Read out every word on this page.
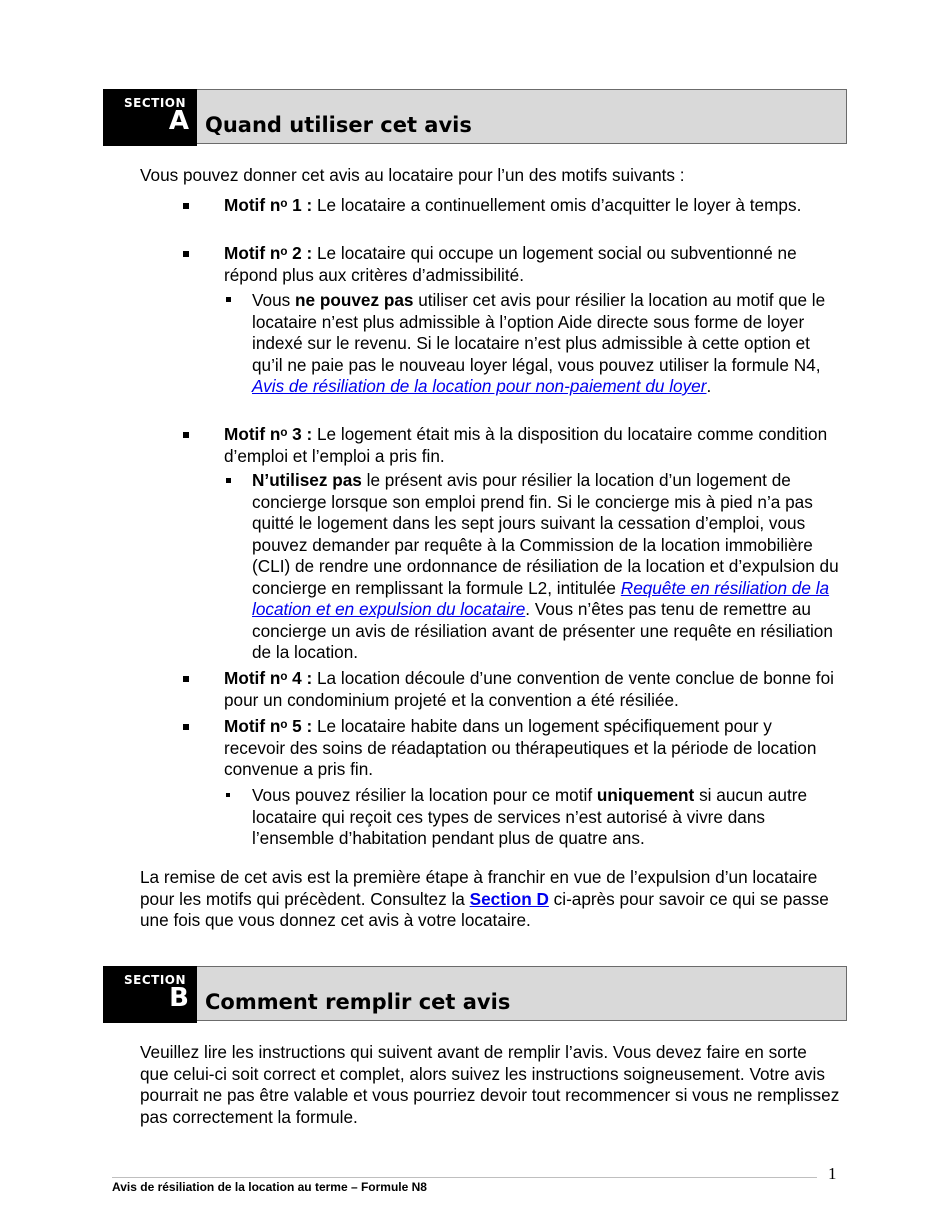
SECTION
A Quand utiliser cet avis
Vous pouvez donner cet avis au locataire pour l’un des motifs suivants :
Motif nᵒ 1 : Le locataire a continuellement omis d’acquitter le loyer à temps.
Motif nᵒ 2 : Le locataire qui occupe un logement social ou subventionné ne répond plus aux critères d’admissibilité.
Vous ne pouvez pas utiliser cet avis pour résilier la location au motif que le locataire n’est plus admissible à l’option Aide directe sous forme de loyer indexé sur le revenu. Si le locataire n’est plus admissible à cette option et qu’il ne paie pas le nouveau loyer légal, vous pouvez utiliser la formule N4, Avis de résiliation de la location pour non-paiement du loyer.
Motif nᵒ 3 : Le logement était mis à la disposition du locataire comme condition d’emploi et l’emploi a pris fin.
N’utilisez pas le présent avis pour résilier la location d’un logement de concierge lorsque son emploi prend fin. Si le concierge mis à pied n’a pas quitté le logement dans les sept jours suivant la cessation d’emploi, vous pouvez demander par requête à la Commission de la location immobilière (CLI) de rendre une ordonnance de résiliation de la location et d’expulsion du concierge en remplissant la formule L2, intitulée Requête en résiliation de la location et en expulsion du locataire. Vous n’êtes pas tenu de remettre au concierge un avis de résiliation avant de présenter une requête en résiliation de la location.
Motif nᵒ 4 : La location découle d’une convention de vente conclue de bonne foi pour un condominium projeté et la convention a été résiliée.
Motif nᵒ 5 : Le locataire habite dans un logement spécifiquement pour y recevoir des soins de réadaptation ou thérapeutiques et la période de location convenue a pris fin.
Vous pouvez résilier la location pour ce motif uniquement si aucun autre locataire qui reçoit ces types de services n’est autorisé à vivre dans l’ensemble d’habitation pendant plus de quatre ans.
La remise de cet avis est la première étape à franchir en vue de l’expulsion d’un locataire pour les motifs qui précèdent. Consultez la Section D ci-après pour savoir ce qui se passe une fois que vous donnez cet avis à votre locataire.
SECTION
B Comment remplir cet avis
Veuillez lire les instructions qui suivent avant de remplir l’avis. Vous devez faire en sorte que celui-ci soit correct et complet, alors suivez les instructions soigneusement. Votre avis pourrait ne pas être valable et vous pourriez devoir tout recommencer si vous ne remplissez pas correctement la formule.
Avis de résiliation de la location au terme – Formule N8
1
